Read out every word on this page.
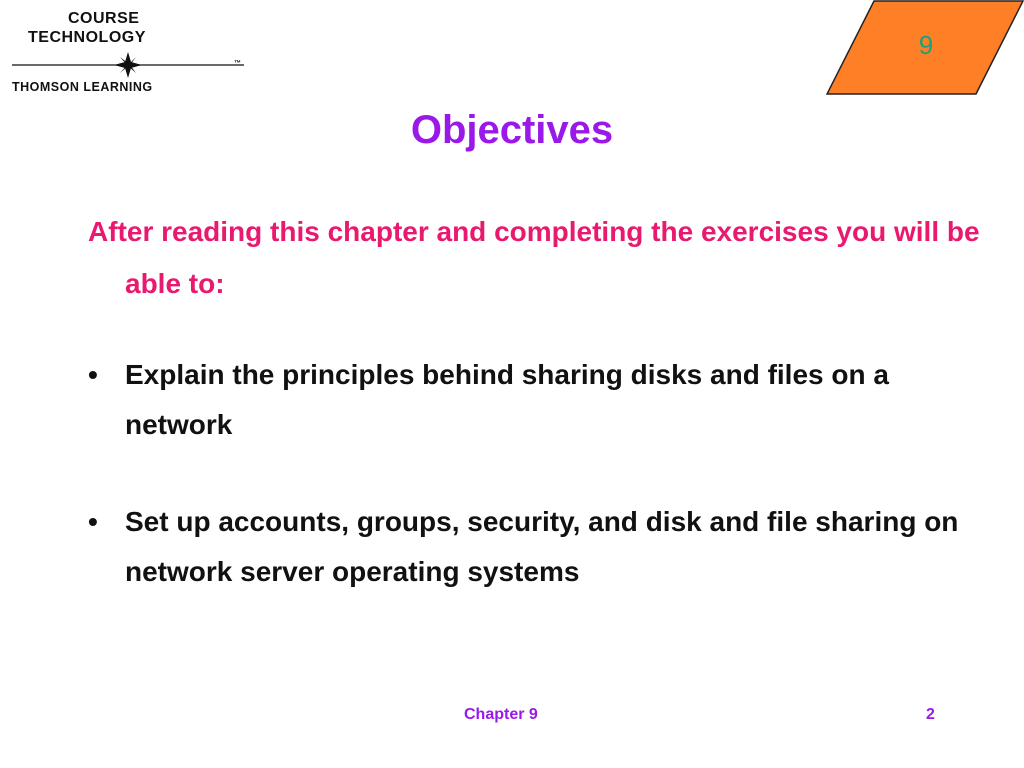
COURSE
TECHNOLOGY
™
THOMSON LEARNING
9
Objectives
After reading this chapter and completing the exercises you will be able to:
• Explain the principles behind sharing disks and files on a network
• Set up accounts, groups, security, and disk and file sharing on network server operating systems
Chapter 9	2
